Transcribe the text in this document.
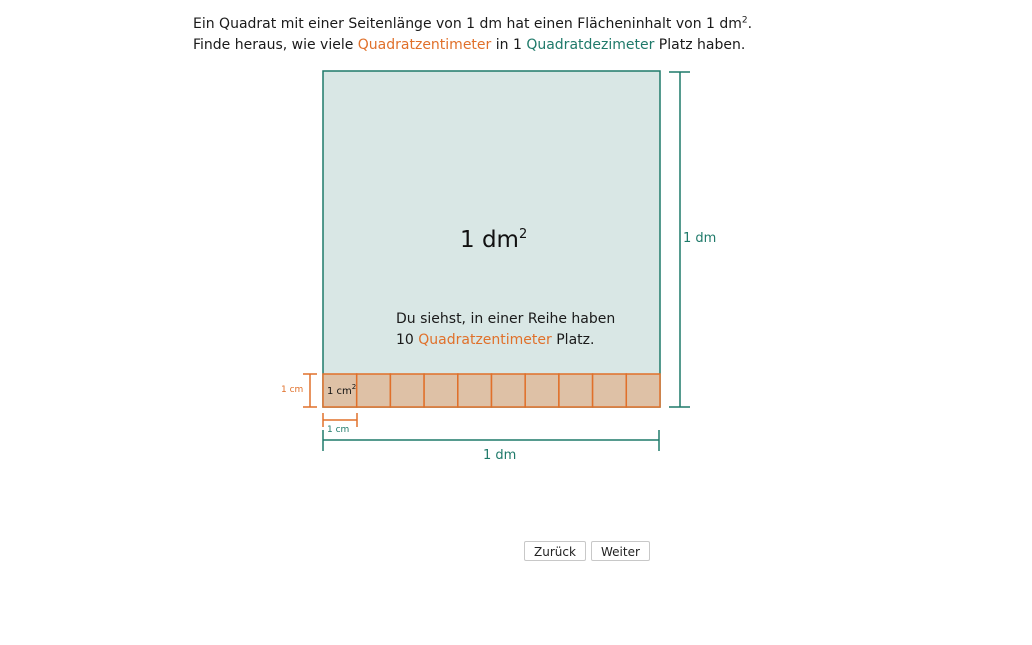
Ein Quadrat mit einer Seitenlänge von 1 dm hat einen Flächeninhalt von 1 $dm^2$.
Finde heraus, wie viele Quadratzentimeter in 1 Quadratdezimeter Platz haben.
1 $dm^2$
Du siehst, in einer Reihe haben
10 Quadratzentimeter Platz.
1 $cm^2$
1 dm
1 dm
1 cm
1 cm
Zurück	Weiter
